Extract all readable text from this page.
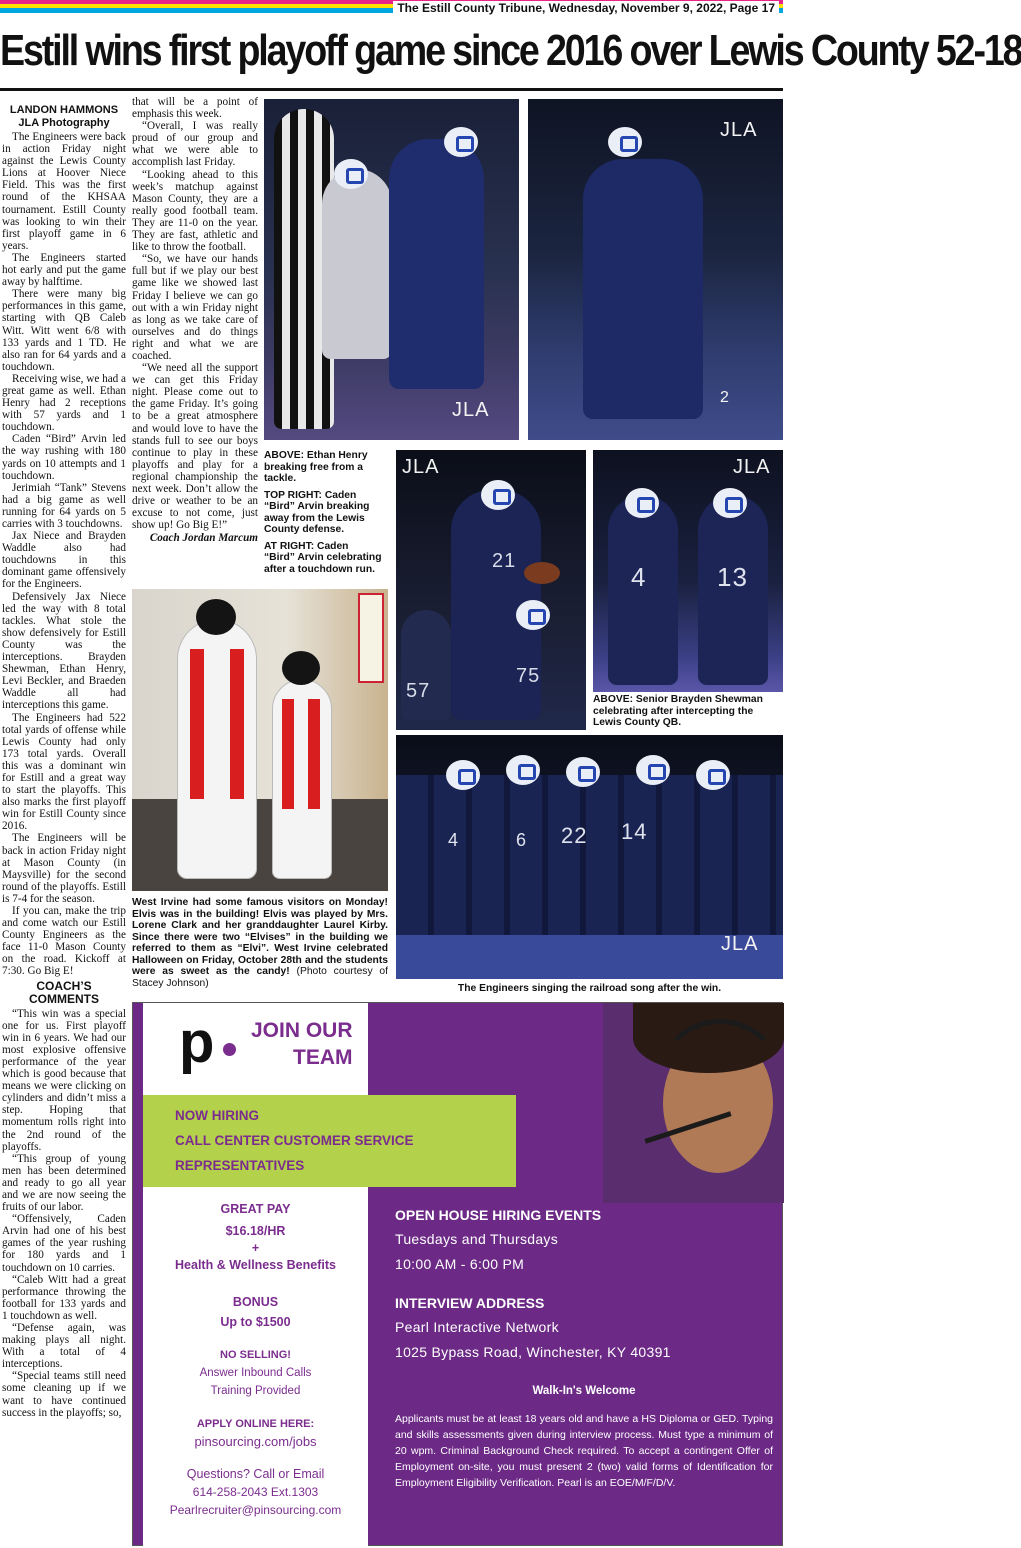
The Estill County Tribune, Wednesday, November 9, 2022, Page 17
Estill wins first playoff game since 2016 over Lewis County 52-18
LANDON HAMMONS
JLA Photography

The Engineers were back in action Friday night against the Lewis County Lions at Hoover Niece Field. This was the first round of the KHSAA tournament. Estill County was looking to win their first playoff game in 6 years.

The Engineers started hot early and put the game away by halftime.

There were many big performances in this game, starting with QB Caleb Witt. Witt went 6/8 with 133 yards and 1 TD. He also ran for 64 yards and a touchdown.

Receiving wise, we had a great game as well. Ethan Henry had 2 receptions with 57 yards and 1 touchdown.

Caden “Bird” Arvin led the way rushing with 180 yards on 10 attempts and 1 touchdown.

Jerimiah “Tank” Stevens had a big game as well running for 64 yards on 5 carries with 3 touchdowns.

Jax Niece and Brayden Waddle also had touchdowns in this dominant game offensively for the Engineers.

Defensively Jax Niece led the way with 8 total tackles. What stole the show defensively for Estill County was the interceptions. Brayden Shewman, Ethan Henry, Levi Beckler, and Braeden Waddle all had interceptions this game.

The Engineers had 522 total yards of offense while Lewis County had only 173 total yards. Overall this was a dominant win for Estill and a great way to start the playoffs. This also marks the first playoff win for Estill County since 2016.

The Engineers will be back in action Friday night at Mason County (in Maysville) for the second round of the playoffs. Estill is 7-4 for the season.

If you can, make the trip and come watch our Estill County Engineers as the face 11-0 Mason County on the road. Kickoff at 7:30. Go Big E!

COACH’S COMMENTS

“This win was a special one for us. First playoff win in 6 years. We had our most explosive offensive performance of the year which is good because that means we were clicking on cylinders and didn’t miss a step. Hoping that momentum rolls right into the 2nd round of the playoffs.

“This group of young men has been determined and ready to go all year and we are now seeing the fruits of our labor.

“Offensively, Caden Arvin had one of his best games of the year rushing for 180 yards and 1 touchdown on 10 carries.

“Caleb Witt had a great performance throwing the football for 133 yards and 1 touchdown as well.

“Defense again, was making plays all night. With a total of 4 interceptions.

“Special teams still need some cleaning up if we want to have continued success in the playoffs; so,

that will be a point of emphasis this week.

“Overall, I was really proud of our group and what we were able to accomplish last Friday.

“Looking ahead to this week’s matchup against Mason County, they are a really good football team. They are 11-0 on the year. They are fast, athletic and like to throw the football.

“So, we have our hands full but if we play our best game like we showed last Friday I believe we can go out with a win Friday night as long as we take care of ourselves and do things right and what we are coached.

“We need all the support we can get this Friday night. Please come out to the game Friday. It’s going to be a great atmosphere and would love to have the stands full to see our boys continue to play in these playoffs and play for a regional championship the next week. Don’t allow the drive or weather to be an excuse to not come, just show up! Go Big E!”

Coach Jordan Marcum
JLA
JLA
2

ABOVE: Ethan Henry breaking free from a tackle.

TOP RIGHT: Caden “Bird” Arvin breaking away from the Lewis County defense.

AT RIGHT: Caden “Bird” Arvin celebrating after a touchdown run.

JLA
21
75
57
JLA
4	13
ABOVE: Senior Brayden Shewman celebrating after intercepting the Lewis County QB.
West Irvine had some famous visitors on Monday! Elvis was in the building! Elvis was played by Mrs. Lorene Clark and her granddaughter Laurel Kirby. Since there were two “Elvises” in the building we referred to them as “Elvi”. West Irvine celebrated Halloween on Friday, October 28th and the students were as sweet as the candy! (Photo courtesy of Stacey Johnson)
4	22 14
6
JLA
The Engineers singing the railroad song after the win.
p JOIN OUR
TEAM
NOW HIRING
CALL CENTER CUSTOMER SERVICE
REPRESENTATIVES
GREAT PAY
$16.18/HR
+
Health & Wellness Benefits
BONUS
Up to $1500
NO SELLING!
Answer Inbound Calls
Training Provided
APPLY ONLINE HERE:
pinsourcing.com/jobs
Questions? Call or Email
614-258-2043 Ext.1303
Pearlrecruiter@pinsourcing.com
OPEN HOUSE HIRING EVENTS
Tuesdays and Thursdays
10:00 AM - 6:00 PM
INTERVIEW ADDRESS
Pearl Interactive Network
1025 Bypass Road, Winchester, KY 40391
Walk-In's Welcome
Applicants must be at least 18 years old and have a HS Diploma or GED. Typing and skills assessments given during interview process. Must type a minimum of 20 wpm. Criminal Background Check required. To accept a contingent Offer of Employment on-site, you must present 2 (two) valid forms of Identification for Employment Eligibility Verification. Pearl is an EOE/M/F/D/V.
